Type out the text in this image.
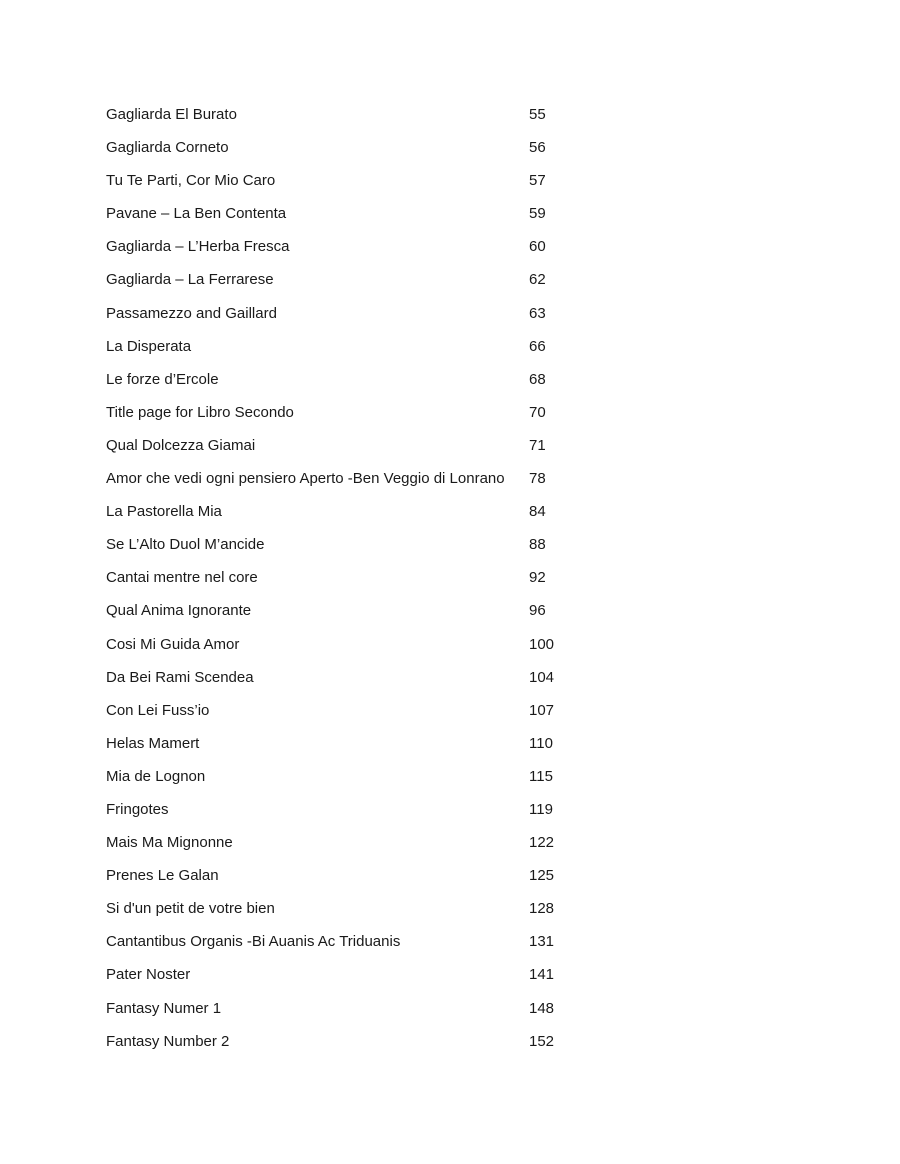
Gagliarda El Burato	55
Gagliarda Corneto	56
Tu Te Parti, Cor Mio Caro	57
Pavane – La Ben Contenta	59
Gagliarda – L’Herba Fresca	60
Gagliarda – La Ferrarese	62
Passamezzo and Gaillard	63
La Disperata	66
Le forze d’Ercole	68
Title page for Libro Secondo	70
Qual Dolcezza Giamai	71
Amor che vedi ogni pensiero Aperto -Ben Veggio di Lonrano 78
La Pastorella Mia	84
Se L’Alto Duol M’ancide	88
Cantai mentre nel core	92
Qual Anima Ignorante	96
Cosi Mi Guida Amor	100
Da Bei Rami Scendea	104
Con Lei Fuss’io	107
Helas Mamert	110
Mia de Lognon	115
Fringotes	119
Mais Ma Mignonne	122
Prenes Le Galan	125
Si d'un petit de votre bien	128
Cantantibus Organis -Bi Auanis Ac Triduanis	131
Pater Noster	141
Fantasy Numer 1	148
Fantasy Number 2	152
